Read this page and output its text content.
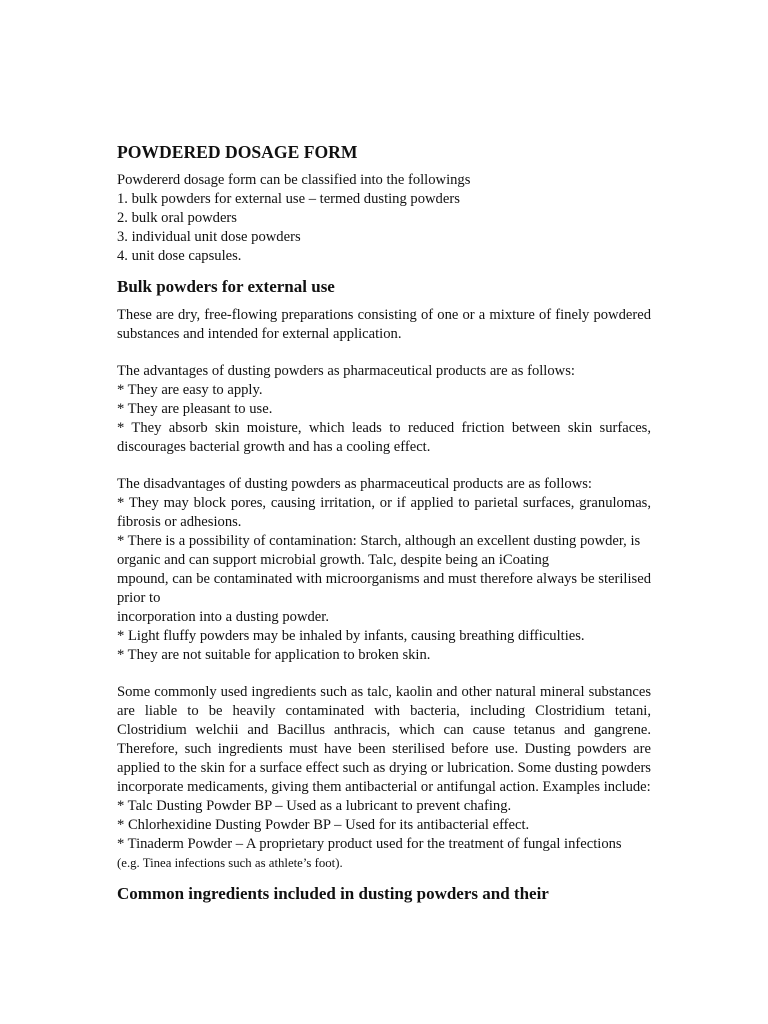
POWDERED DOSAGE FORM

Powdererd dosage form can be classified into the followings

1. bulk powders for external use – termed dusting powders

2. bulk oral powders

3. individual unit dose powders

4. unit dose capsules.

Bulk powders for external use

These are dry, free-flowing preparations consisting of one or a mixture of finely powdered substances and intended for external application.

The advantages of dusting powders as pharmaceutical products are as follows:

* They are easy to apply.

* They are pleasant to use.

* They absorb skin moisture, which leads to reduced friction between skin surfaces, discourages bacterial growth and has a cooling effect.

The disadvantages of dusting powders as pharmaceutical products are as follows:

* They may block pores, causing irritation, or if applied to parietal surfaces, granulomas, fibrosis or adhesions.

* There is a possibility of contamination: Starch, although an excellent dusting powder, is organic and can support microbial growth. Talc, despite being an iCoating

mpound, can be contaminated with microorganisms and must therefore always be sterilised prior to

incorporation into a dusting powder.

* Light fluffy powders may be inhaled by infants, causing breathing difficulties.

* They are not suitable for application to broken skin.

Some commonly used ingredients such as talc, kaolin and other natural mineral substances are liable to be heavily contaminated with bacteria, including Clostridium tetani, Clostridium welchii and Bacillus anthracis, which can cause tetanus and gangrene. Therefore, such ingredients must have been sterilised before use. Dusting powders are applied to the skin for a surface effect such as drying or lubrication. Some dusting powders incorporate medicaments, giving them antibacterial or antifungal action. Examples include:

* Talc Dusting Powder BP – Used as a lubricant to prevent chafing.

* Chlorhexidine Dusting Powder BP – Used for its antibacterial effect.

* Tinaderm Powder – A proprietary product used for the treatment of fungal infections

(e.g. Tinea infections such as athlete’s foot).

Common ingredients included in dusting powders and their
